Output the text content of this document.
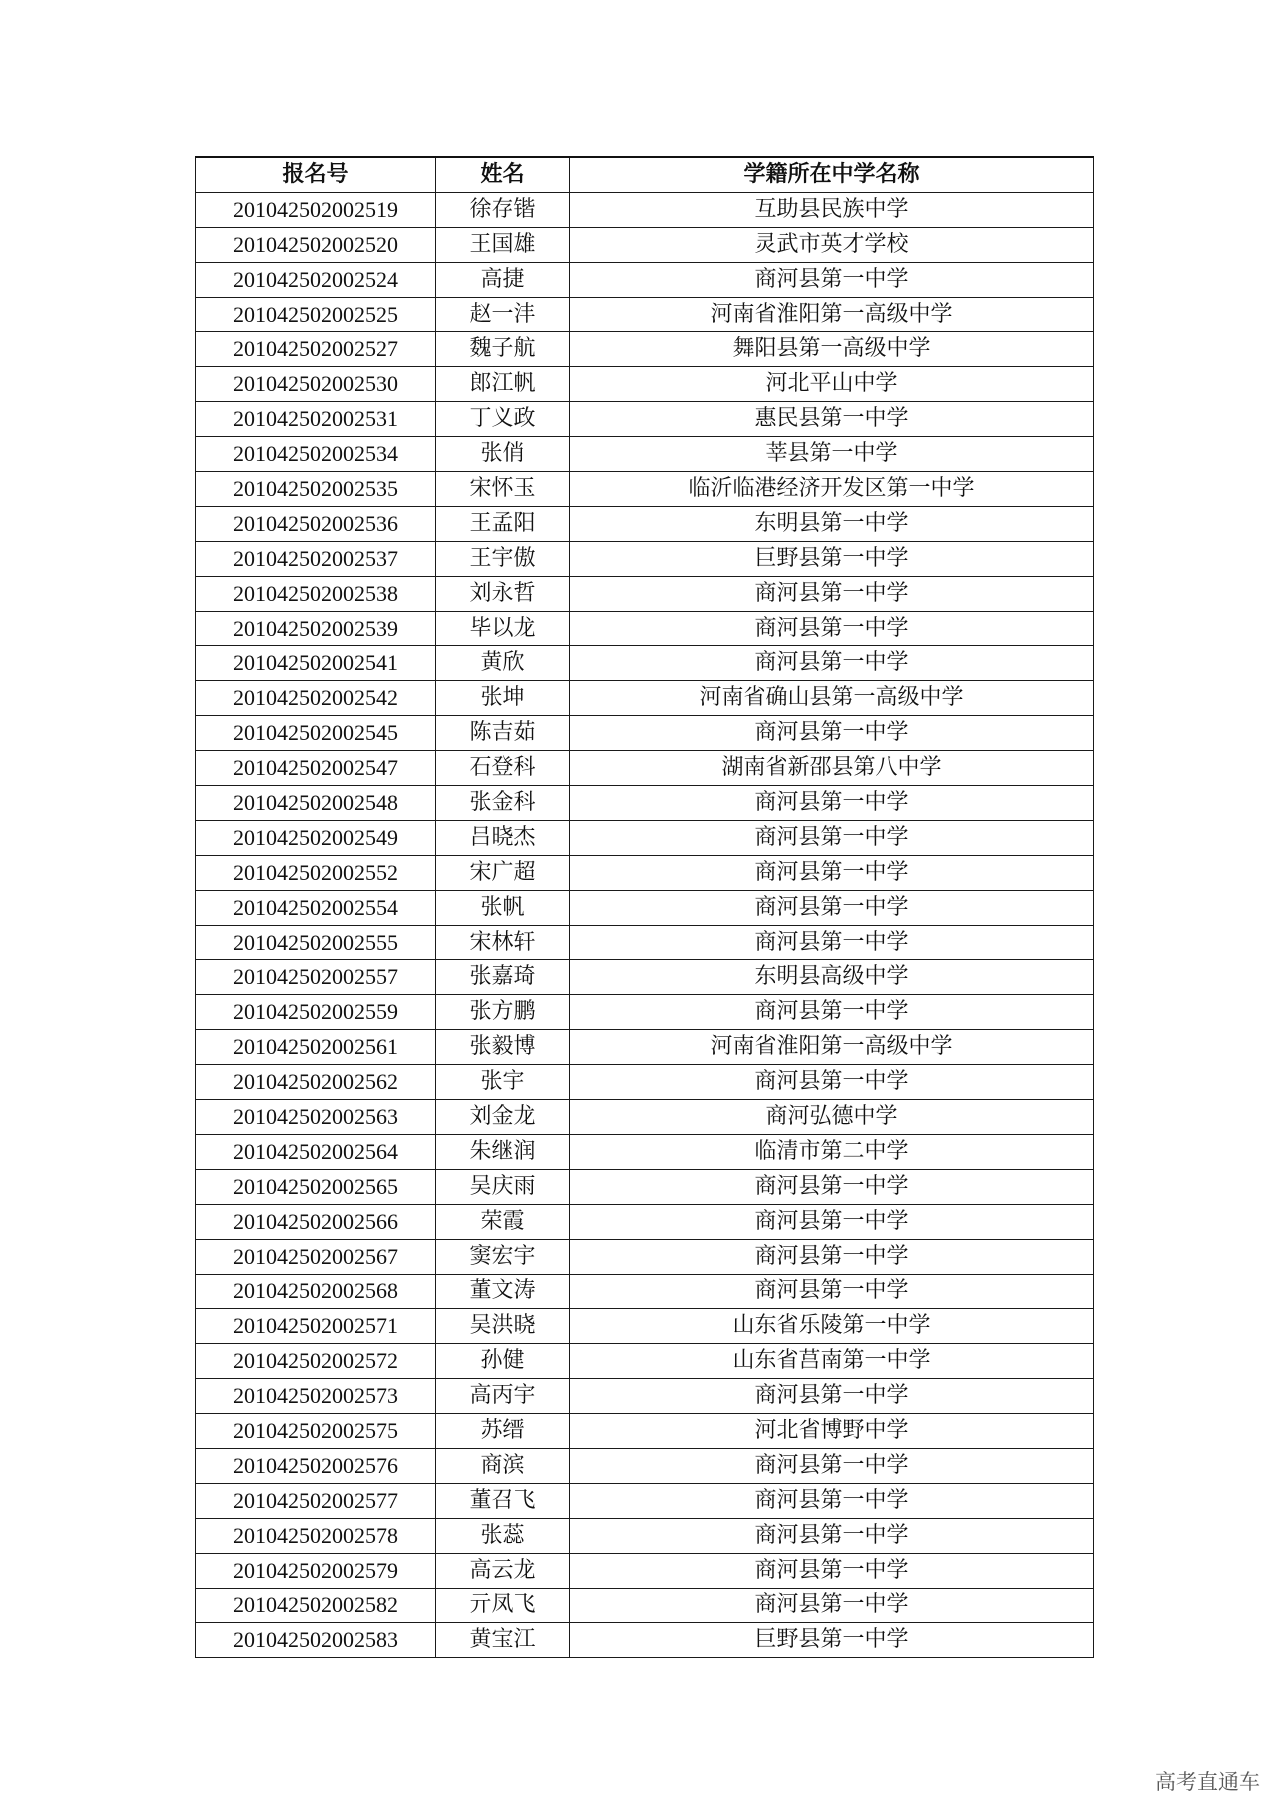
报名号	姓名	学籍所在中学名称
201042502002519	徐存锴	互助县民族中学
201042502002520	王国雄	灵武市英才学校
201042502002524	高捷	商河县第一中学
201042502002525	赵一沣	河南省淮阳第一高级中学
201042502002527	魏子航	舞阳县第一高级中学
201042502002530	郎江帆	河北平山中学
201042502002531	丁义政	惠民县第一中学
201042502002534	张俏	莘县第一中学
201042502002535	宋怀玉	临沂临港经济开发区第一中学
201042502002536	王孟阳	东明县第一中学
201042502002537	王宇傲	巨野县第一中学
201042502002538	刘永哲	商河县第一中学
201042502002539	毕以龙	商河县第一中学
201042502002541	黄欣	商河县第一中学
201042502002542	张坤	河南省确山县第一高级中学
201042502002545	陈吉茹	商河县第一中学
201042502002547	石登科	湖南省新邵县第八中学
201042502002548	张金科	商河县第一中学
201042502002549	吕晓杰	商河县第一中学
201042502002552	宋广超	商河县第一中学
201042502002554	张帆	商河县第一中学
201042502002555	宋林轩	商河县第一中学
201042502002557	张嘉琦	东明县高级中学
201042502002559	张方鹏	商河县第一中学
201042502002561	张毅博	河南省淮阳第一高级中学
201042502002562	张宇	商河县第一中学
201042502002563	刘金龙	商河弘德中学
201042502002564	朱继润	临清市第二中学
201042502002565	吴庆雨	商河县第一中学
201042502002566	荣霞	商河县第一中学
201042502002567	窦宏宇	商河县第一中学
201042502002568	董文涛	商河县第一中学
201042502002571	吴洪晓	山东省乐陵第一中学
201042502002572	孙健	山东省莒南第一中学
201042502002573	高丙宇	商河县第一中学
201042502002575	苏缙	河北省博野中学
201042502002576	商滨	商河县第一中学
201042502002577	董召飞	商河县第一中学
201042502002578	张蕊	商河县第一中学
201042502002579	高云龙	商河县第一中学
201042502002582	亓凤飞	商河县第一中学
201042502002583	黄宝江	巨野县第一中学
高考直通车
